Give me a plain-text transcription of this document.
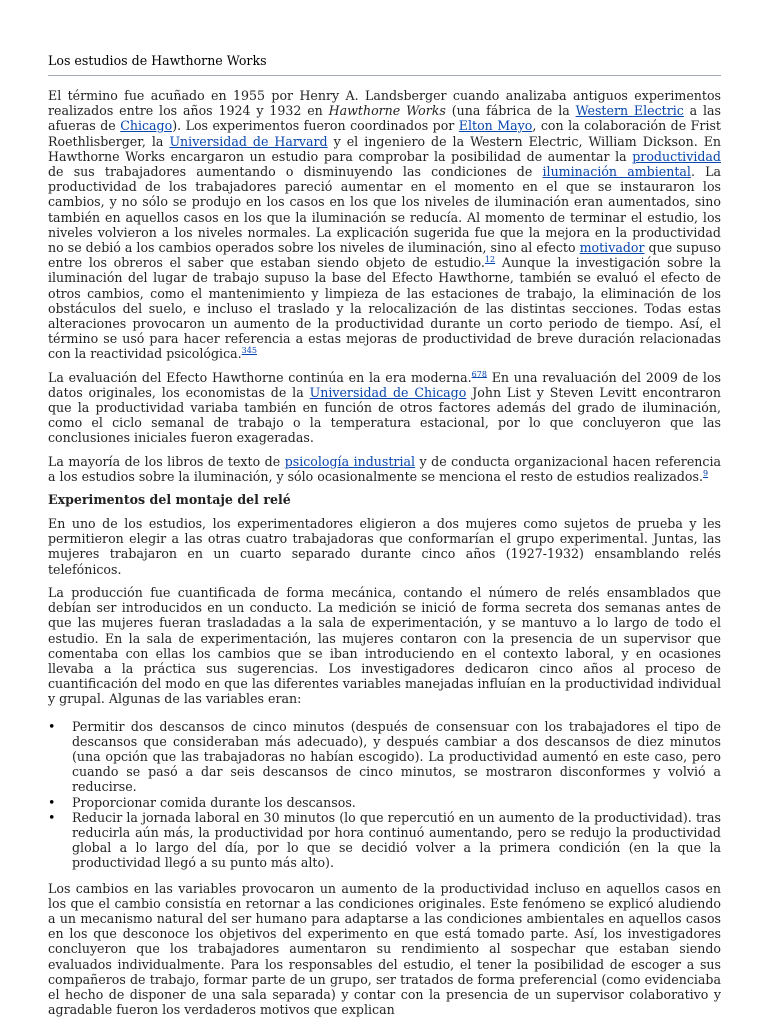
Los estudios de Hawthorne Works

El término fue acuñado en 1955 por Henry A. Landsberger cuando analizaba antiguos experimentos realizados entre los años 1924 y 1932 en Hawthorne Works (una fábrica de la Western Electric a las afueras de Chicago). Los experimentos fueron coordinados por Elton Mayo, con la colaboración de Frist Roethlisberger, la Universidad de Harvard y el ingeniero de la Western Electric, William Dickson. En Hawthorne Works encargaron un estudio para comprobar la posibilidad de aumentar la productividad de sus trabajadores aumentando o disminuyendo las condiciones de iluminación ambiental. La productividad de los trabajadores pareció aumentar en el momento en el que se instauraron los cambios, y no sólo se produjo en los casos en los que los niveles de iluminación eran aumentados, sino también en aquellos casos en los que la iluminación se reducía. Al momento de terminar el estudio, los niveles volvieron a los niveles normales. La explicación sugerida fue que la mejora en la productividad no se debió a los cambios operados sobre los niveles de iluminación, sino al efecto motivador que supuso entre los obreros el saber que estaban siendo objeto de estudio.$^{12}$ Aunque la investigación sobre la iluminación del lugar de trabajo supuso la base del Efecto Hawthorne, también se evaluó el efecto de otros cambios, como el mantenimiento y limpieza de las estaciones de trabajo, la eliminación de los obstáculos del suelo, e incluso el traslado y la relocalización de las distintas secciones. Todas estas alteraciones provocaron un aumento de la productividad durante un corto periodo de tiempo. Así, el término se usó para hacer referencia a estas mejoras de productividad de breve duración relacionadas con la reactividad psicológica.$^{345}$

La evaluación del Efecto Hawthorne continúa en la era moderna.$^{678}$ En una revaluación del 2009 de los datos originales, los economistas de la Universidad de Chicago John List y Steven Levitt encontraron que la productividad variaba también en función de otros factores además del grado de iluminación, como el ciclo semanal de trabajo o la temperatura estacional, por lo que concluyeron que las conclusiones iniciales fueron exageradas.

La mayoría de los libros de texto de psicología industrial y de conducta organizacional hacen referencia a los estudios sobre la iluminación, y sólo ocasionalmente se menciona el resto de estudios realizados.$^9$

Experimentos del montaje del relé

En uno de los estudios, los experimentadores eligieron a dos mujeres como sujetos de prueba y les permitieron elegir a las otras cuatro trabajadoras que conformarían el grupo experimental. Juntas, las mujeres trabajaron en un cuarto separado durante cinco años (1927-1932) ensamblando relés telefónicos.

La producción fue cuantificada de forma mecánica, contando el número de relés ensamblados que debían ser introducidos en un conducto. La medición se inició de forma secreta dos semanas antes de que las mujeres fueran trasladadas a la sala de experimentación, y se mantuvo a lo largo de todo el estudio. En la sala de experimentación, las mujeres contaron con la presencia de un supervisor que comentaba con ellas los cambios que se iban introduciendo en el contexto laboral, y en ocasiones llevaba a la práctica sus sugerencias. Los investigadores dedicaron cinco años al proceso de cuantificación del modo en que las diferentes variables manejadas influían en la productividad individual y grupal. Algunas de las variables eran:

• Permitir dos descansos de cinco minutos (después de consensuar con los trabajadores el tipo de descansos que consideraban más adecuado), y después cambiar a dos descansos de diez minutos (una opción que las trabajadoras no habían escogido). La productividad aumentó en este caso, pero cuando se pasó a dar seis descansos de cinco minutos, se mostraron disconformes y volvió a reducirse.
• Proporcionar comida durante los descansos.
• Reducir la jornada laboral en 30 minutos (lo que repercutió en un aumento de la productividad). tras reducirla aún más, la productividad por hora continuó aumentando, pero se redujo la productividad global a lo largo del día, por lo que se decidió volver a la primera condición (en la que la productividad llegó a su punto más alto).

Los cambios en las variables provocaron un aumento de la productividad incluso en aquellos casos en los que el cambio consistía en retornar a las condiciones originales. Este fenómeno se explicó aludiendo a un mecanismo natural del ser humano para adaptarse a las condiciones ambientales en aquellos casos en los que desconoce los objetivos del experimento en que está tomado parte. Así, los investigadores concluyeron que los trabajadores aumentaron su rendimiento al sospechar que estaban siendo evaluados individualmente. Para los responsables del estudio, el tener la posibilidad de escoger a sus compañeros de trabajo, formar parte de un grupo, ser tratados de forma preferencial (como evidenciaba el hecho de disponer de una sala separada) y contar con la presencia de un supervisor colaborativo y agradable fueron los verdaderos motivos que explican
